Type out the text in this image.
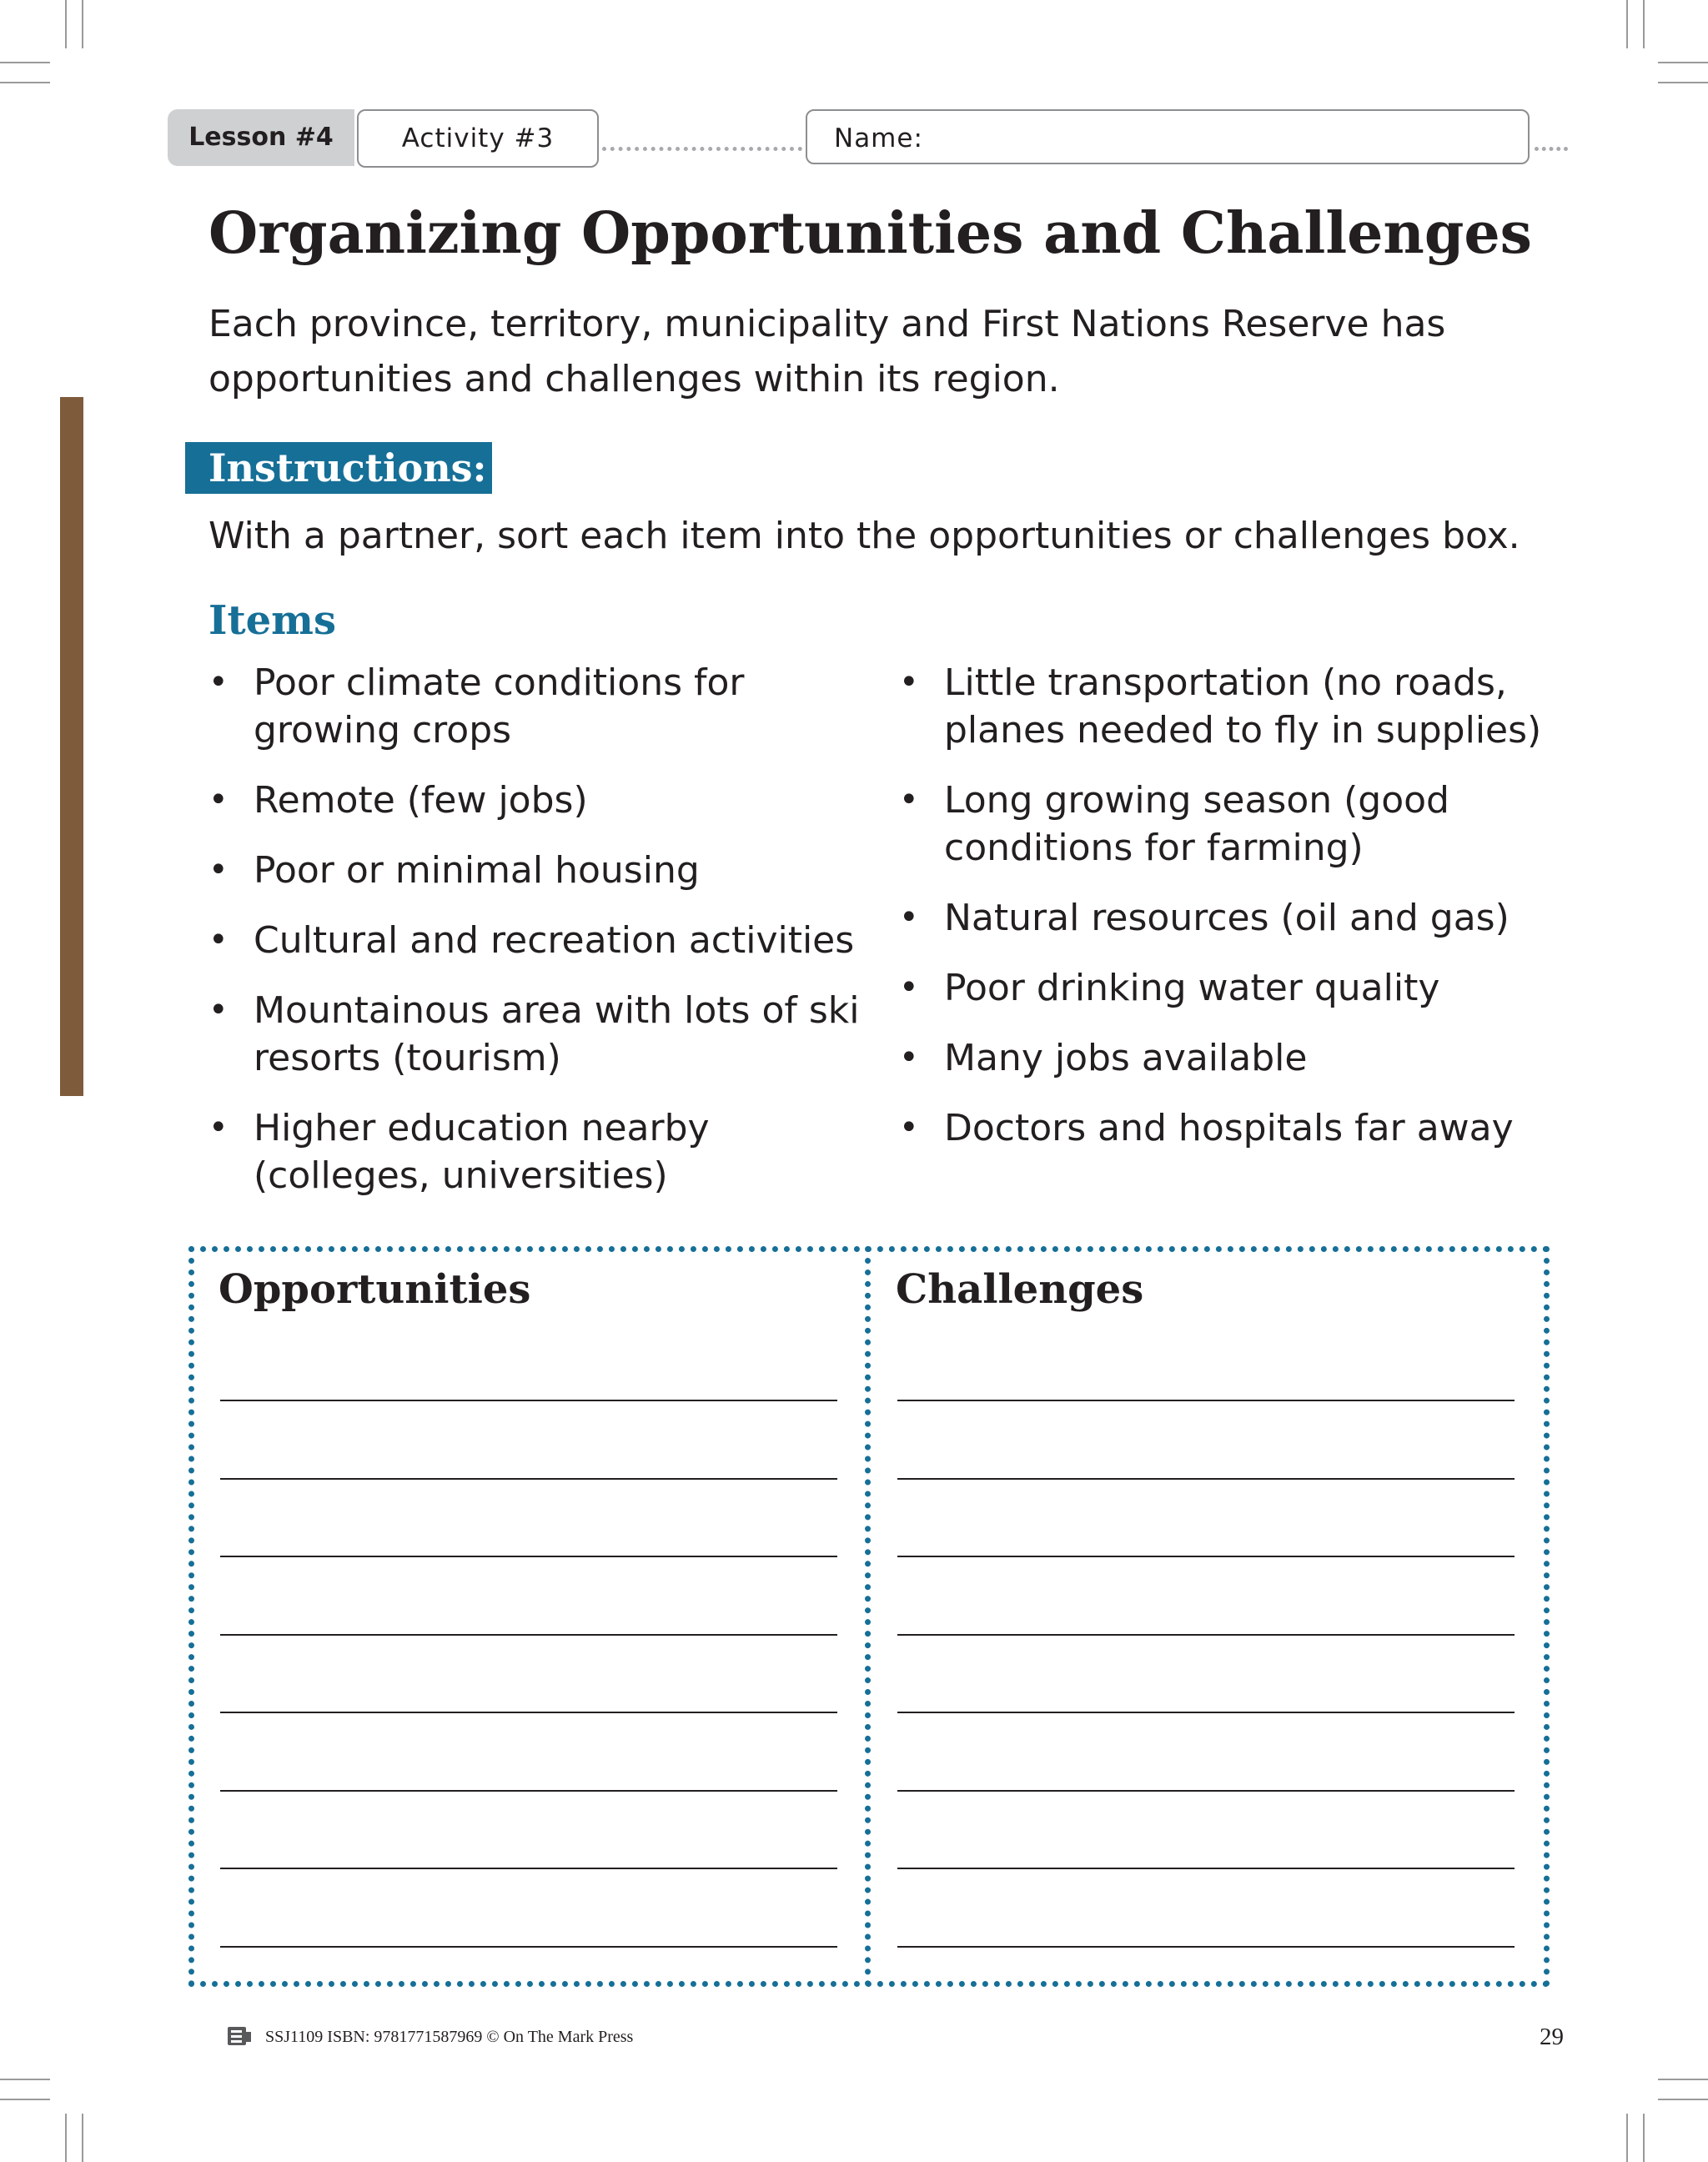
Lesson #4	Activity #3	Name:
Organizing Opportunities and Challenges

Each province, territory, municipality and First Nations Reserve has opportunities and challenges within its region.

Instructions:

With a partner, sort each item into the opportunities or challenges box.

Items
• Poor climate conditions for growing crops
• Remote (few jobs)
• Poor or minimal housing
• Cultural and recreation activities
• Mountainous area with lots of ski resorts (tourism)
• Higher education nearby (colleges, universities)
• Little transportation (no roads, planes needed to fly in supplies)
• Long growing season (good conditions for farming)
• Natural resources (oil and gas)
• Poor drinking water quality
• Many jobs available
• Doctors and hospitals far away
Opportunities	Challenges

SSJ1109 ISBN: 9781771587969 © On The Mark Press	29
